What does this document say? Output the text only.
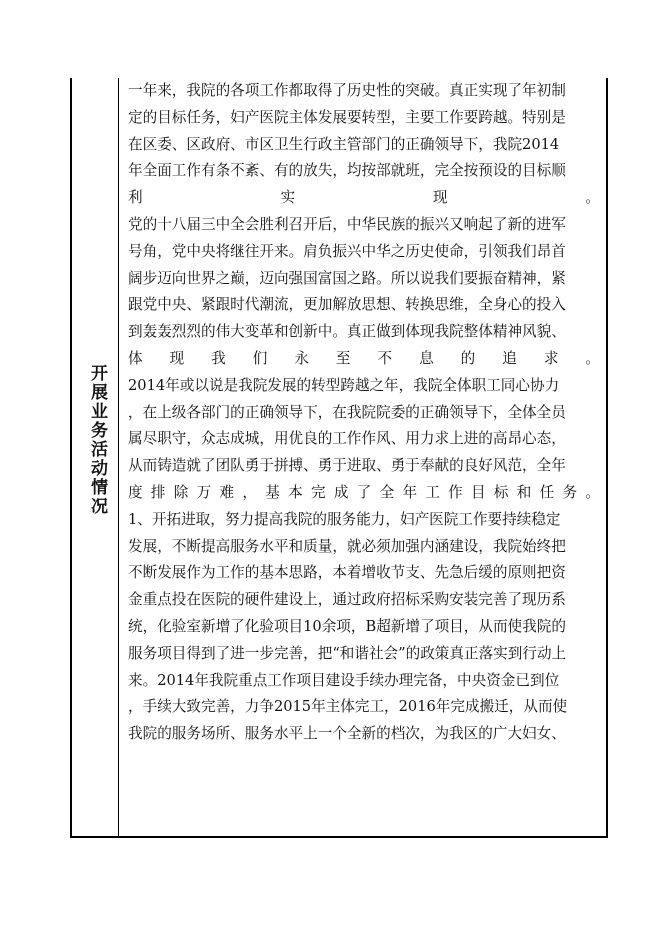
开展业务活动情况
一年来，我院的各项工作都取得了历史性的突破。真正实现了年初制
定的目标任务，妇产医院主体发展要转型，主要工作要跨越。特别是
在区委、区政府、市区卫生行政主管部门的正确领导下，我院2014
年全面工作有条不紊、有的放失，均按部就班，完全按预设的目标顺
利 实 现 。
党的十八届三中全会胜利召开后，中华民族的振兴又响起了新的进军
号角，党中央将继往开来。肩负振兴中华之历史使命，引领我们昂首
阔步迈向世界之巅，迈向强国富国之路。所以说我们要振奋精神，紧
跟党中央、紧跟时代潮流，更加解放思想、转换思维，全身心的投入
到轰轰烈烈的伟大变革和创新中。真正做到体现我院整体精神风貌、
体 现 我 们 永 至 不 息 的 追 求 。
2014年或以说是我院发展的转型跨越之年，我院全体职工同心协力
，在上级各部门的正确领导下，在我院院委的正确领导下，全体全员
属尽职守，众志成城，用优良的工作作风、用力求上进的高昂心态，
从而铸造就了团队勇于拼搏、勇于进取、勇于奉献的良好风范，全年
度 排 除 万 难 ， 基 本 完 成 了 全 年 工 作 目 标 和 任 务 。
1、开拓进取，努力提高我院的服务能力，妇产医院工作要持续稳定
发展，不断提高服务水平和质量，就必须加强内涵建设，我院始终把
不断发展作为工作的基本思路，本着增收节支、先急后缓的原则把资
金重点投在医院的硬件建设上，通过政府招标采购安装完善了现历系
统，化验室新增了化验项目10余项，B超新增了项目，从而使我院的
服务项目得到了进一步完善，把“和谐社会”的政策真正落实到行动上
来。2014年我院重点工作项目建设手续办理完备，中央资金已到位
，手续大致完善，力争2015年主体完工，2016年完成搬迁，从而使
我院的服务场所、服务水平上一个全新的档次，为我区的广大妇女、
